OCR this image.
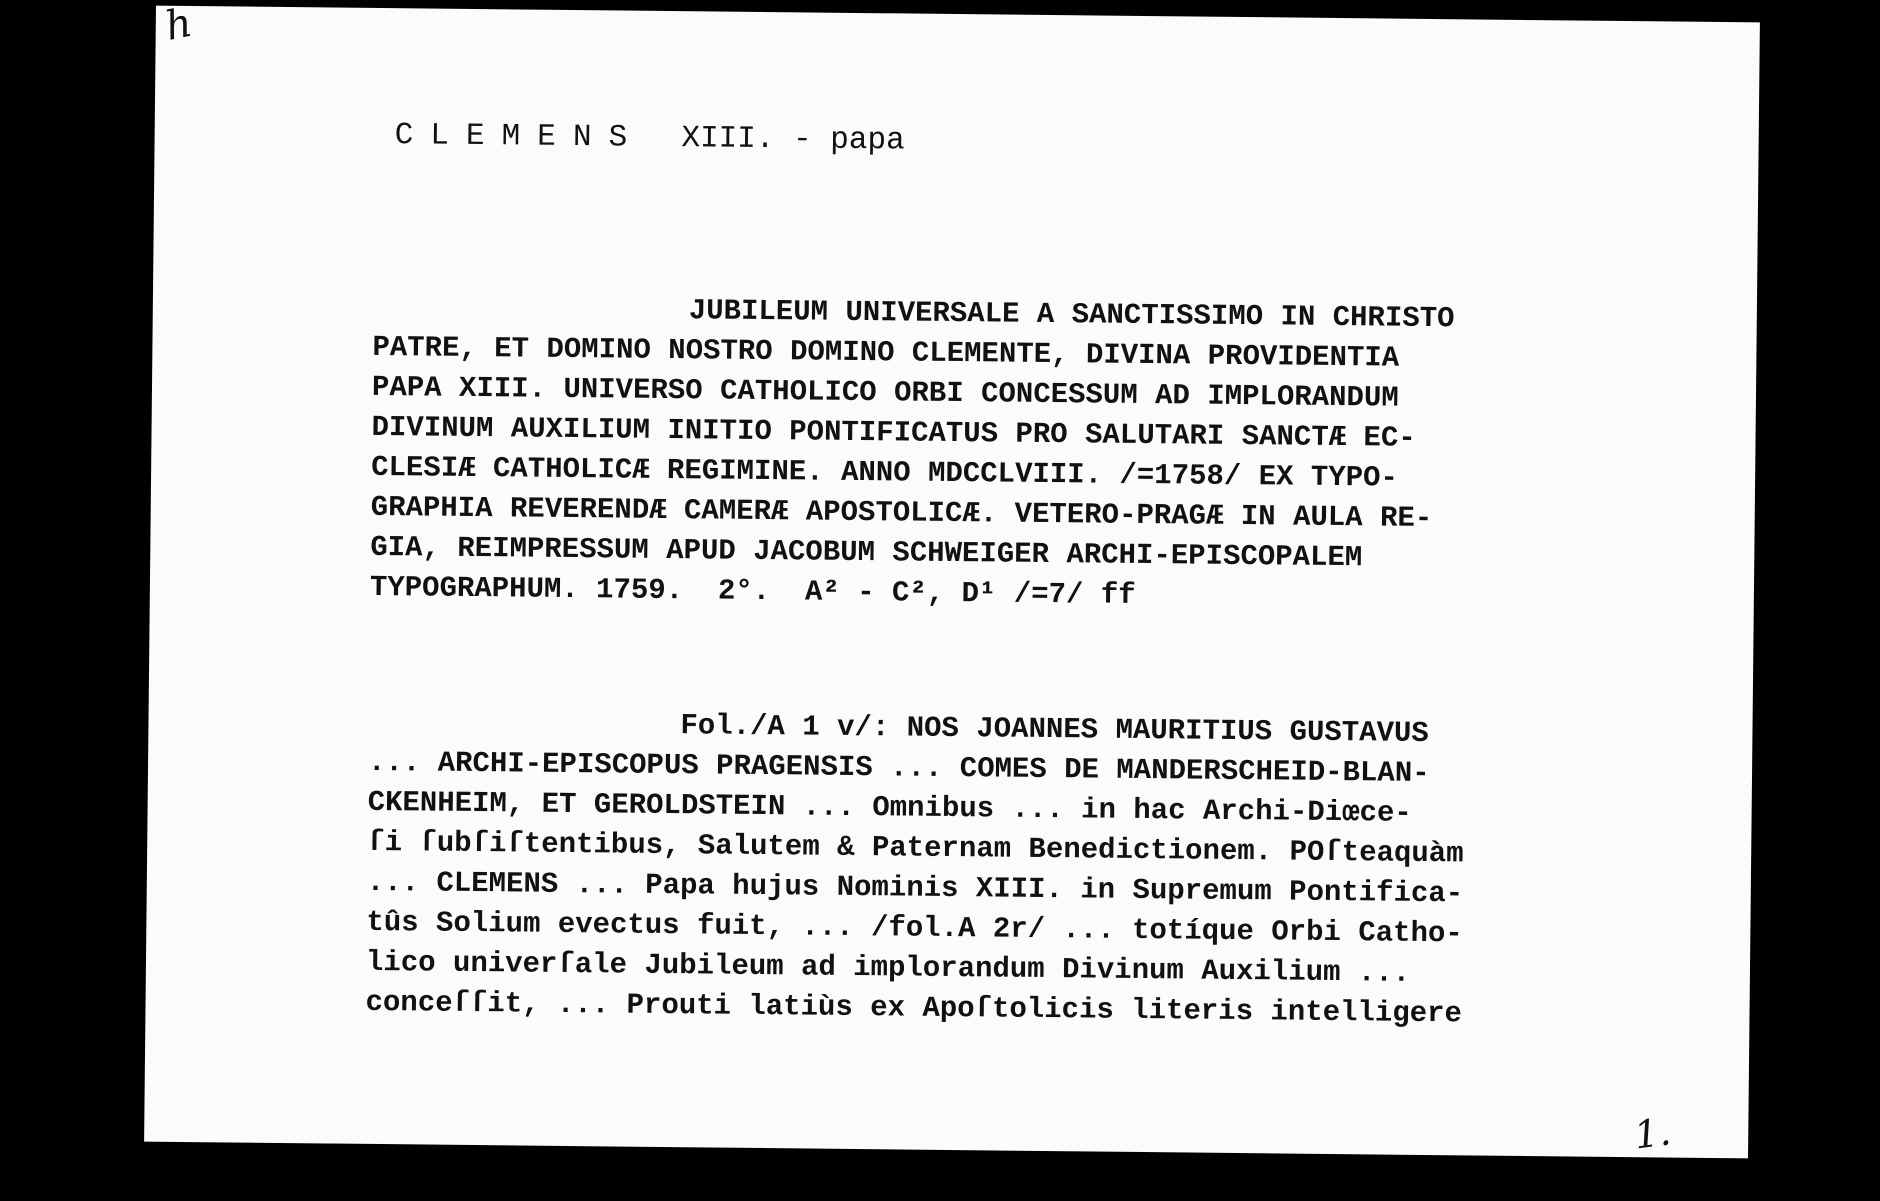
h
CLEMENS XIII. - papa
JUBILEUM UNIVERSALE A SANCTISSIMO IN CHRISTO
PATRE, ET DOMINO NOSTRO DOMINO CLEMENTE, DIVINA PROVIDENTIA
PAPA XIII. UNIVERSO CATHOLICO ORBI CONCESSUM AD IMPLORANDUM
DIVINUM AUXILIUM INITIO PONTIFICATUS PRO SALUTARI SANCTÆ EC-
CLESIÆ CATHOLICÆ REGIMINE. ANNO MDCCLVIII. /=1758/ EX TYPO-
GRAPHIA REVERENDÆ CAMERÆ APOSTOLICÆ. VETERO-PRAGÆ IN AULA RE-
GIA, REIMPRESSUM APUD JACOBUM SCHWEIGER ARCHI-EPISCOPALEM
TYPOGRAPHUM. 1759.  2°.  A² - C², D¹ /=7/ ff
Fol./A 1 v/: NOS JOANNES MAURITIUS GUSTAVUS
... ARCHI-EPISCOPUS PRAGENSIS ... COMES DE MANDERSCHEID-BLAN-
CKENHEIM, ET GEROLDSTEIN ... Omnibus ... in hac Archi-Diœce-
ſi ſubſiſtentibus, Salutem & Paternam Benedictionem. POſteaquàm
... CLEMENS ... Papa hujus Nominis XIII. in Supremum Pontifica-
tûs Solium evectus fuit, ... /fol.A 2r/ ... totíque Orbi Catho-
lico univerſale Jubileum ad implorandum Divinum Auxilium ...
conceſſit, ... Prouti latiùs ex Apoſtolicis literis intelligere
1.
